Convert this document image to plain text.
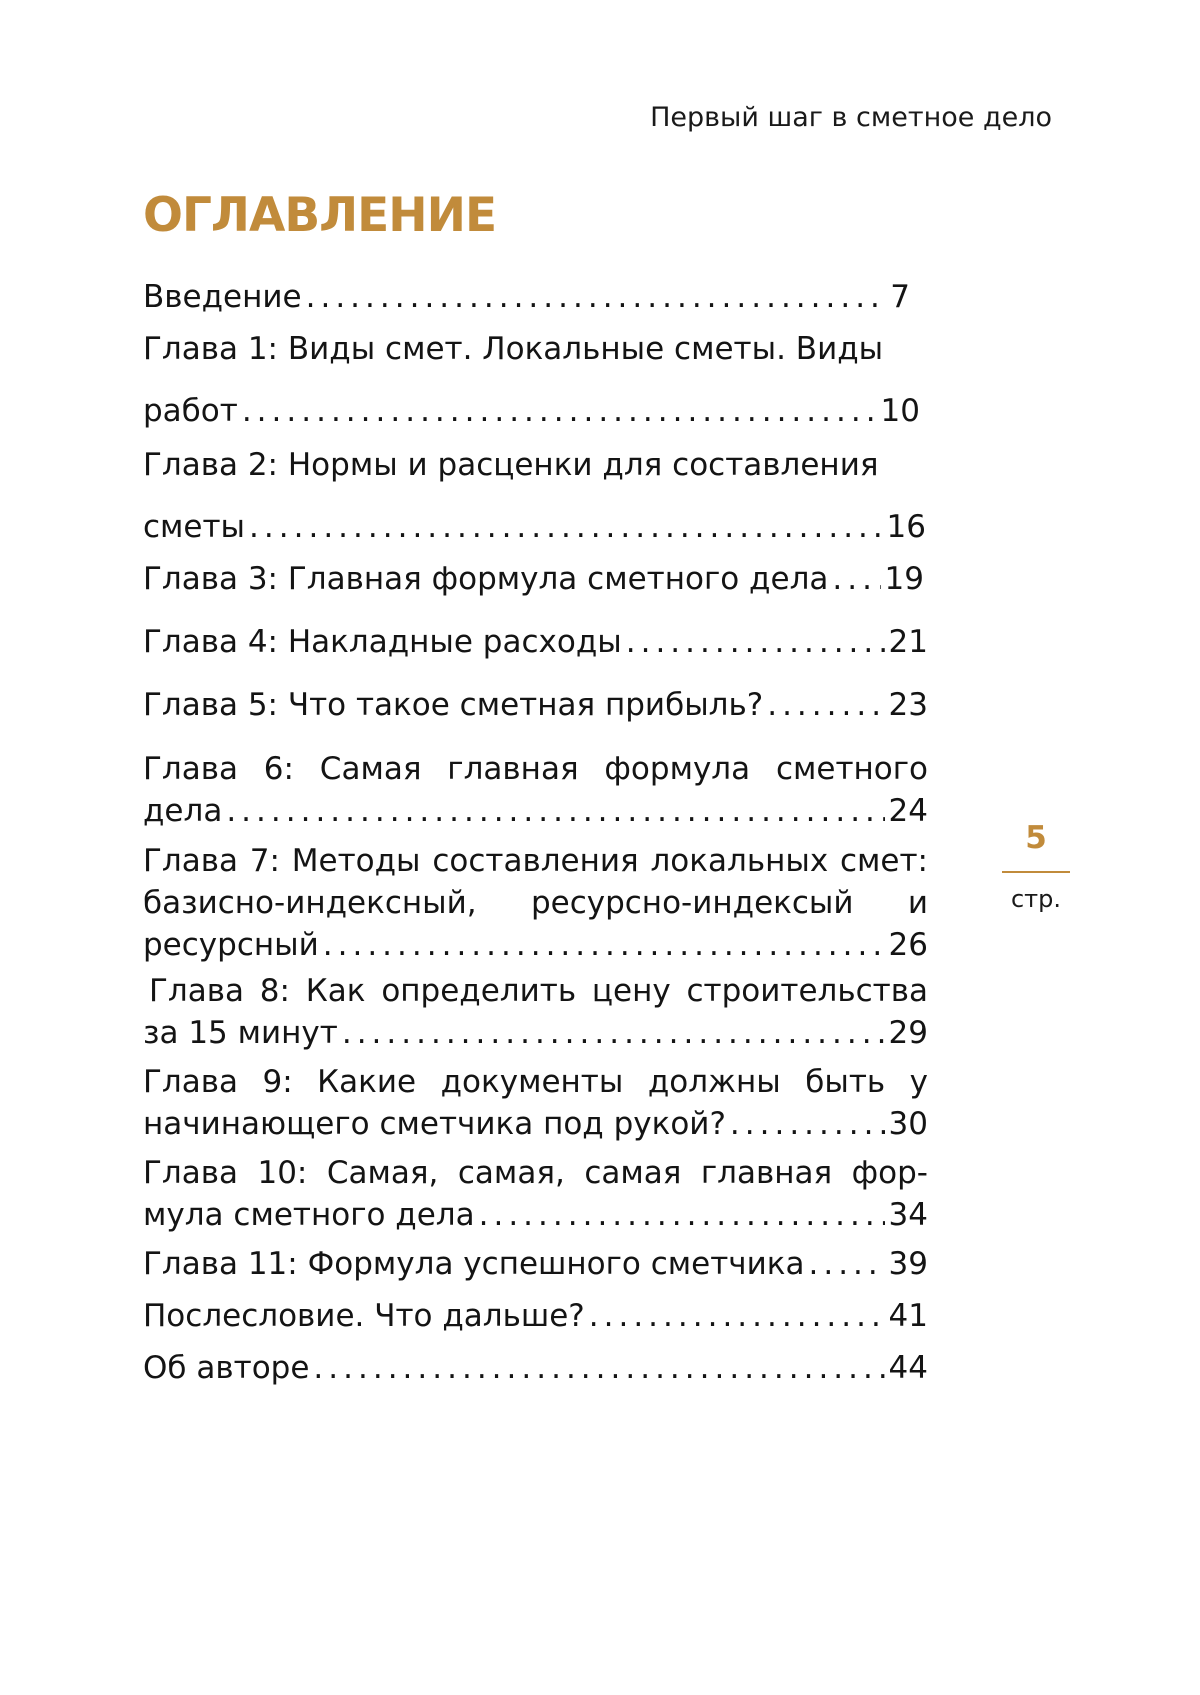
Первый шаг в сметное дело
ОГЛАВЛЕНИЕ
Введение .....	7
Глава 1: Виды смет. Локальные сметы. Виды
работ .....	10
Глава 2: Нормы и расценки для составления
сметы .....	16
Глава 3: Главная формула сметного дела ..... 19
Глава 4: Накладные расходы .....	21
Глава 5: Что такое сметная прибыль? .....	23
Глава 6: Самая главная формула сметного
дела .....	24
Глава 7: Методы составления локальных смет:
базисно-индексный, ресурсно-индексый и
ресурсный .....	26
Глава 8: Как определить цену строительства
за 15 минут .....	29
Глава 9: Какие документы должны быть у
начинающего сметчика под рукой? .....	30
Глава 10: Самая, самая, самая главная фор-
мула сметного дела .....	34
Глава 11: Формула успешного сметчика .....	39
Послесловие. Что дальше? .....	41
Об авторе .....	44
5
стр.
